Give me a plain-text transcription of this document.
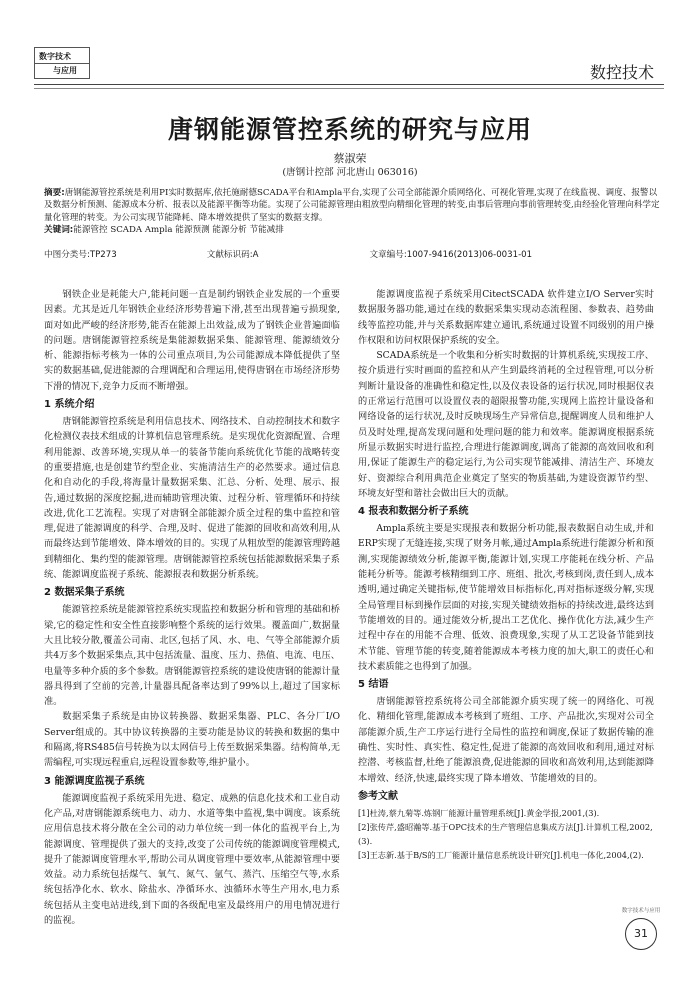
数字技术
与应用	数控技术
唐钢能源管控系统的研究与应用
蔡淑荣
(唐钢计控部 河北唐山 063016)
摘要:唐钢能源管控系统是利用PI实时数据库,依托施耐德SCADA平台和Ampla平台,实现了公司全部能源介质网络化、可视化管理,实现了在线监视、调度、报警以及数据分析预测、能源成本分析、报表以及能源平衡等功能。实现了公司能源管理由粗放型向精细化管理的转变,由事后管理向事前管理转变,由经验化管理向科学定量化管理的转变。为公司实现节能降耗、降本增效提供了坚实的数据支撑。
关键词:能源管控 SCADA Ampla 能源预测 能源分析 节能减排
中图分类号:TP273	文献标识码:A	文章编号:1007-9416(2013)06-0031-01

钢铁企业是耗能大户,能耗问题一直是制约钢铁企业发展的一个重要因素。尤其是近几年钢铁企业经济形势普遍下滑,甚至出现普遍亏损现象,面对如此严峻的经济形势,能否在能源上出效益,成为了钢铁企业普遍面临的问题。唐钢能源管控系统是集能源数据采集、能源管理、能源绩效分析、能源指标考核为一体的公司重点项目,为公司能源成本降低提供了坚实的数据基础,促进能源的合理调配和合理运用,使得唐钢在市场经济形势下滑的情况下,竞争力反而不断增强。

1 系统介绍

唐钢能源管控系统是利用信息技术、网络技术、自动控制技术和数字化检测仪表技术组成的计算机信息管理系统。是实现优化资源配置、合理利用能源、改善环境,实现从单一的装备节能向系统优化节能的战略转变的重要措施,也是创建节约型企业、实施清洁生产的必然要求。通过信息化和自动化的手段,将海量计量数据采集、汇总、分析、处理、展示、报告,通过数据的深度挖掘,进而辅助管理决策、过程分析、管理循环和持续改进,优化工艺流程。实现了对唐钢全部能源介质全过程的集中监控和管理,促进了能源调度的科学、合理,及时、促进了能源的回收和高效利用,从而最终达到节能增效、降本增效的目的。实现了从粗放型的能源管理跨越到精细化、集约型的能源管理。唐钢能源管控系统包括能源数据采集子系统、能源调度监视子系统、能源报表和数据分析系统。

2 数据采集子系统

能源管控系统是能源管控系统实现监控和数据分析和管理的基础和桥梁,它的稳定性和安全性直接影响整个系统的运行效果。覆盖面广,数据量大且比较分散,覆盖公司南、北区,包括了风、水、电、气等全部能源介质共4万多个数据采集点,其中包括流量、温度、压力、热值、电流、电压、电量等多种介质的多个参数。唐钢能源管控系统的建设使唐钢的能源计量器具得到了空前的完善,计量器具配备率达到了99%以上,超过了国家标准。

数据采集子系统是由协议转换器、数据采集器、PLC、各分厂I/O Server组成的。其中协议转换器的主要功能是协议的转换和数据的集中和隔离,将RS485信号转换为以太网信号上传至数据采集器。结构简单,无需编程,可实现远程重启,远程设置参数等,维护量小。

3 能源调度监视子系统

能源调度监视子系统采用先进、稳定、成熟的信息化技术和工业自动化产品,对唐钢能源系统电力、动力、水道等集中监视,集中调度。该系统应用信息技术将分散在全公司的动力单位统一到一体化的监视平台上,为能源调度、管理提供了强大的支持,改变了公司传统的能源调度管理模式,提升了能源调度管理水平,帮助公司从调度管理中要效率,从能源管理中要效益。动力系统包括煤气、氧气、氮气、氩气、蒸汽、压缩空气等,水系统包括净化水、软水、除盐水、净循环水、浊循环水等生产用水,电力系统包括从主变电站进线,到下面的各级配电室及最终用户的用电情况进行的监视。

能源调度监视子系统采用CitectSCADA 软件建立I/O Server实时数据服务器功能,通过在线的数据采集实现动态流程图、参数表、趋势曲线等监控功能,并与关系数据库建立通讯,系统通过设置不同级别的用户操作权限和访问权限保护系统的安全。

SCADA系统是一个收集和分析实时数据的计算机系统,实现按工序、按介质进行实时画面的监控和从产生到最终消耗的全过程管理,可以分析判断计量设备的准确性和稳定性,以及仪表设备的运行状况,同时根据仪表的正常运行范围可以设置仪表的超限报警功能,实现网上监控计量设备和网络设备的运行状况,及时反映现场生产异常信息,提醒调度人员和维护人员及时处理,提高发现问题和处理问题的能力和效率。能源调度根据系统所显示数据实时进行监控,合理进行能源调度,调高了能源的高效回收和利用,保证了能源生产的稳定运行,为公司实现节能减排、清洁生产、环境友好、资源综合利用典范企业奠定了坚实的物质基础,为建设资源节约型、环境友好型和谐社会做出巨大的贡献。

4 报表和数据分析子系统

Ampla系统主要是实现报表和数据分析功能,报表数据自动生成,并和ERP实现了无缝连接,实现了财务月帐,通过Ampla系统进行能源分析和预测,实现能源绩效分析,能源平衡,能源计划,实现工序能耗在线分析、产品能耗分析等。能源考核精细到工序、班组、批次,考核到岗,责任到人,成本透明,通过确定关键指标,使节能增效目标指标化,再对指标逐级分解,实现全局管理目标到操作层面的对接,实现关键绩效指标的持续改进,最终达到节能增效的目的。通过能效分析,提出工艺优化、操作优化方法,减少生产过程中存在的用能不合理、低效、浪费现象,实现了从工艺设备节能到技术节能、管理节能的转变,随着能源成本考核力度的加大,职工的责任心和技术素质能之也得到了加强。

5 结语

唐钢能源管控系统将公司全部能源介质实现了统一的网络化、可视化、精细化管理,能源成本考核到了班组、工序、产品批次,实现对公司全部能源介质,生产工序运行进行全局性的监控和调度,保证了数据传输的准确性、实时性、真实性、稳定性,促进了能源的高效回收和利用,通过对标控潜、考核监督,杜绝了能源浪费,促进能源的回收和高效利用,达到能源降本增效、经济,快速,最终实现了降本增效、节能增效的目的。

参考文献
[1]杜涛,蔡九菊等.炼钢厂能源计量管理系统[J].黄金学报,2001,(3).
[2]张传芹,盛昭瀚等.基于OPC技术的生产管理信息集成方法[J].计算机工程,2002,(3).
[3]王志新.基于B/S的工厂能源计量信息系统设计研究[J].机电一体化,2004,(2).
数字技术与应用
31
